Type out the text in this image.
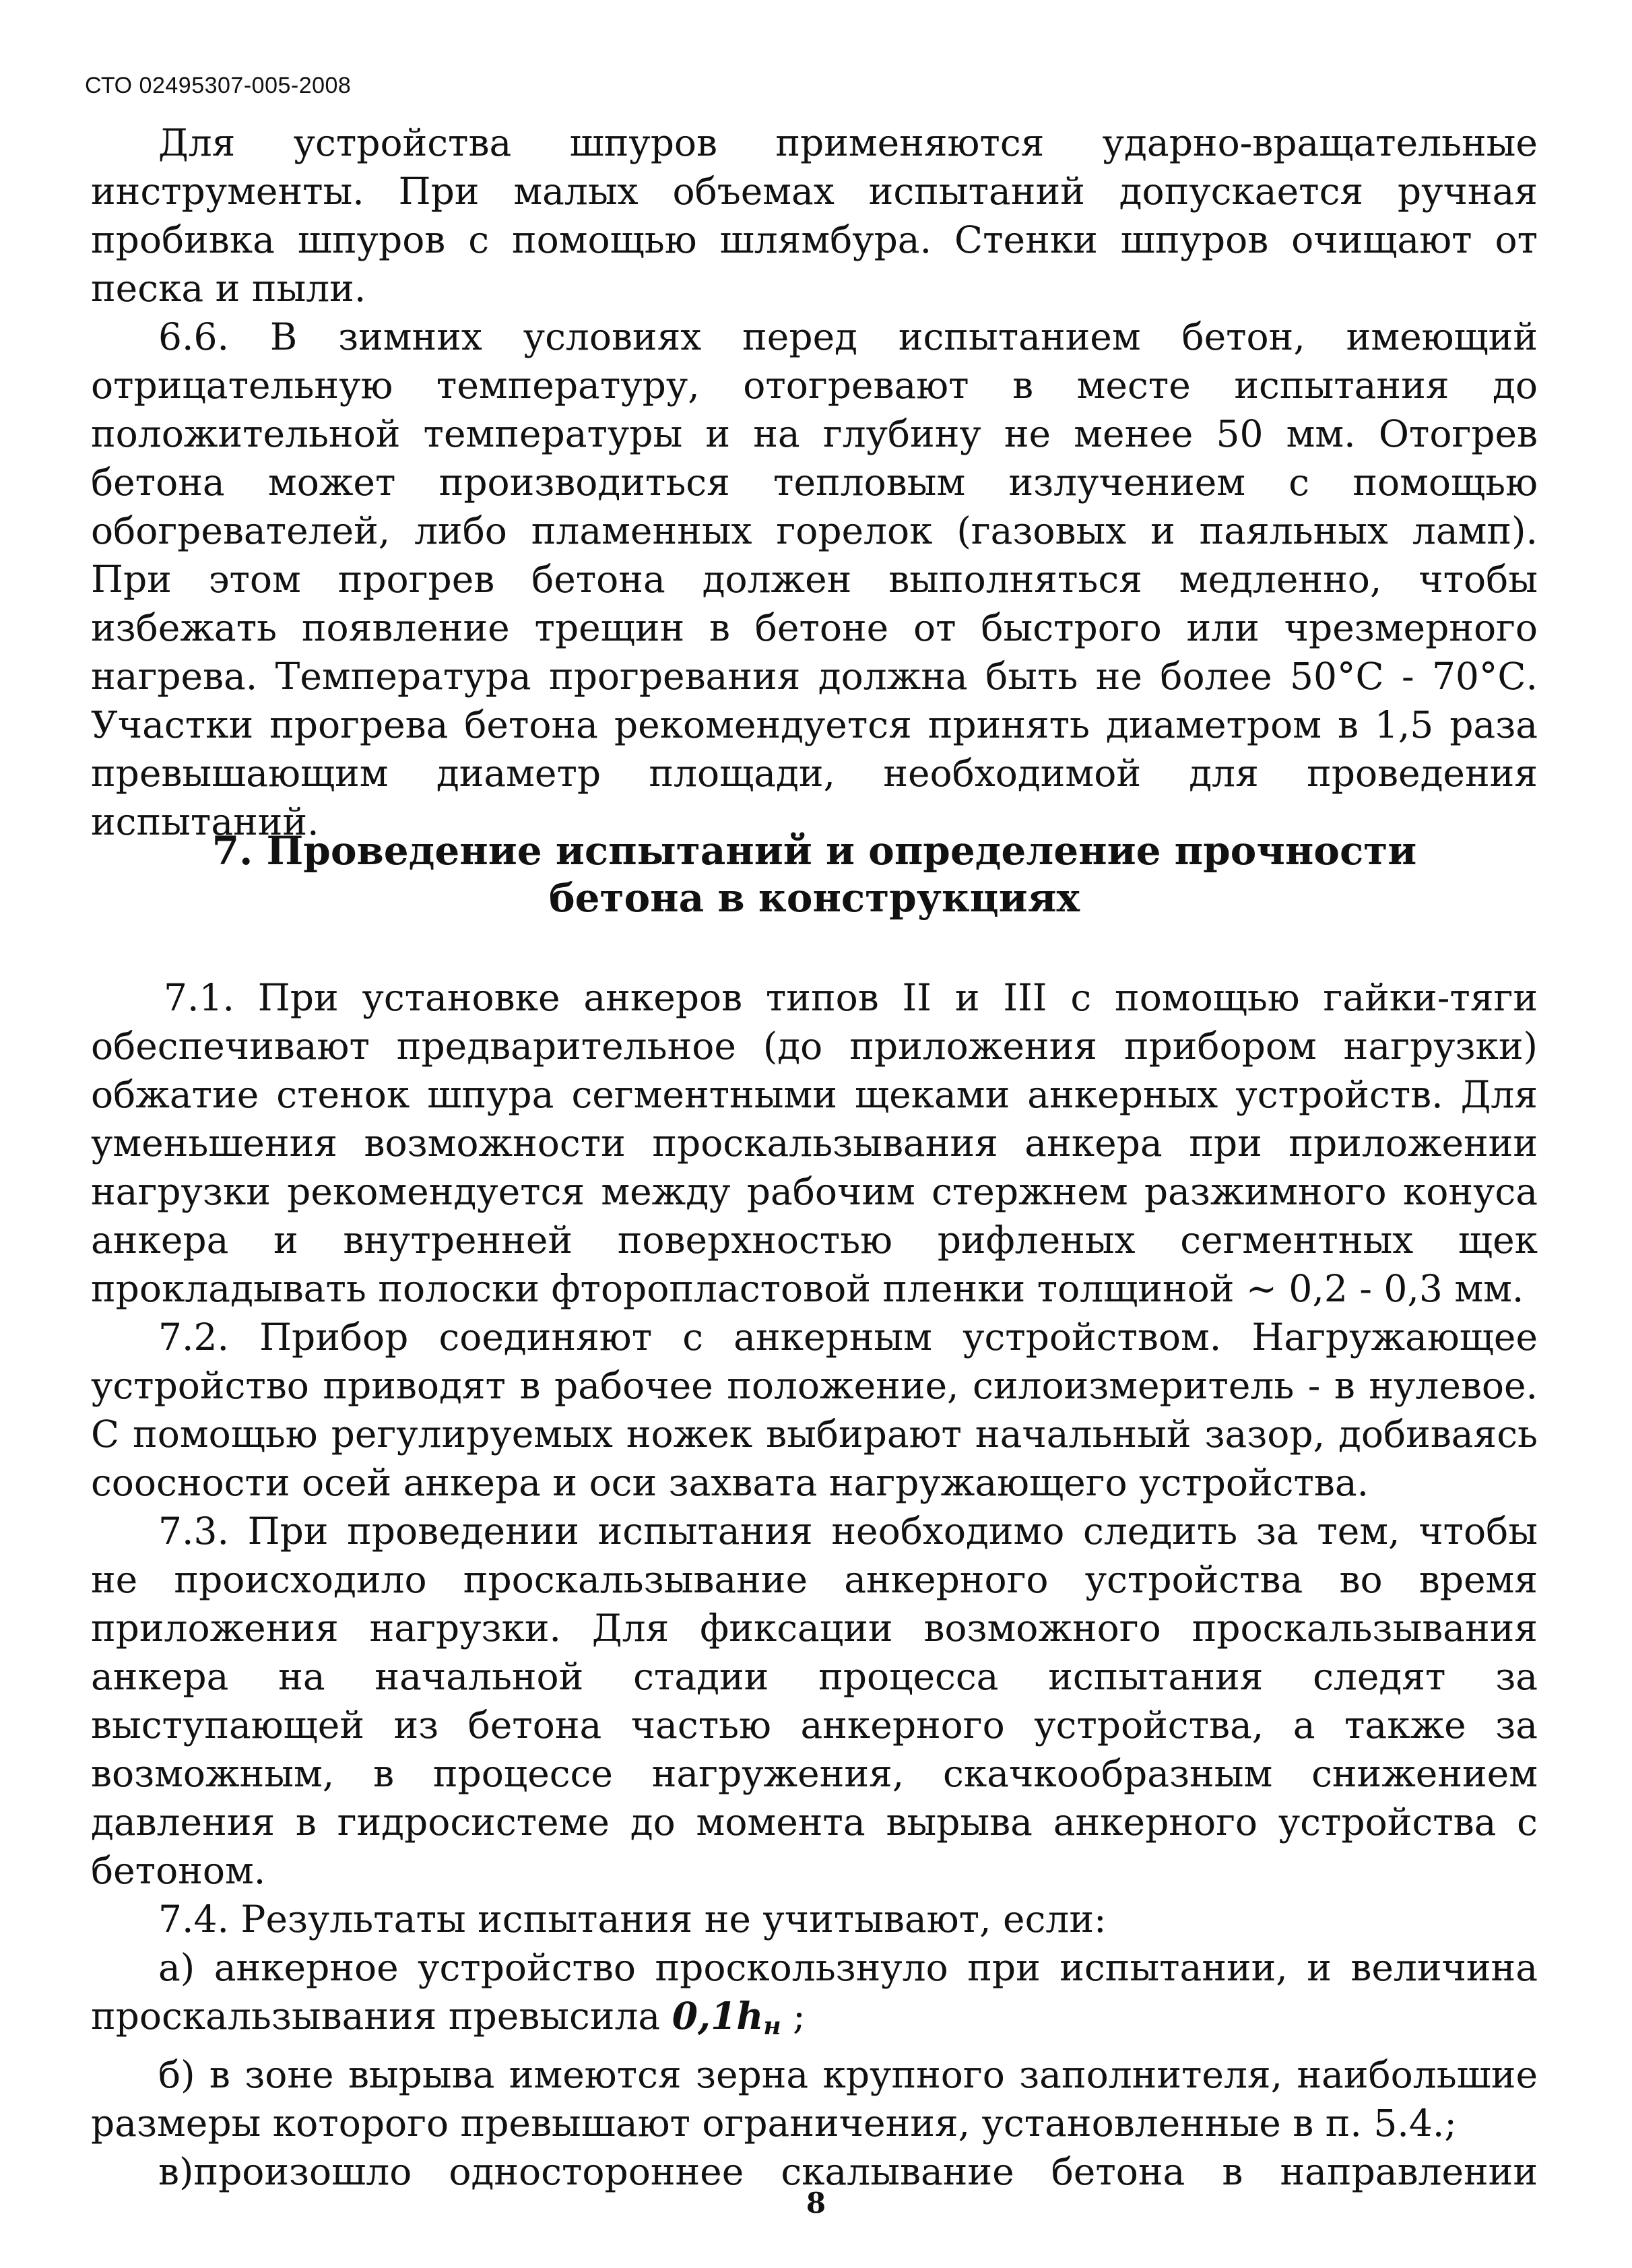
СТО 02495307-005-2008

Для устройства шпуров применяются ударно-вращательные инструменты. При малых объемах испытаний допускается ручная пробивка шпуров с помощью шлямбура. Стенки шпуров очищают от песка и пыли.

6.6. В зимних условиях перед испытанием бетон, имеющий отрицательную температуру, отогревают в месте испытания до положительной температуры и на глубину не менее 50 мм. Отогрев бетона может производиться тепловым излучением с помощью обогревателей, либо пламенных горелок (газовых и паяльных ламп). При этом прогрев бетона должен выполняться медленно, чтобы избежать появление трещин в бетоне от быстрого или чрезмерного нагрева. Температура прогревания должна быть не более 50°С - 70°С. Участки прогрева бетона рекомендуется принять диаметром в 1,5 раза превышающим диаметр площади, необходимой для проведения испытаний.

7. Проведение испытаний и определение прочности
бетона в конструкциях

7.1. При установке анкеров типов II и III с помощью гайки-тяги обеспечивают предварительное (до приложения прибором нагрузки) обжатие стенок шпура сегментными щеками анкерных устройств. Для уменьшения возможности проскальзывания анкера при приложении нагрузки рекомендуется между рабочим стержнем разжимного конуса анкера и внутренней поверхностью рифленых сегментных щек прокладывать полоски фторопластовой пленки толщиной ~ 0,2 - 0,3 мм.

7.2. Прибор соединяют с анкерным устройством. Нагружающее устройство приводят в рабочее положение, силоизмеритель - в нулевое. С помощью регулируемых ножек выбирают начальный зазор, добиваясь соосности осей анкера и оси захвата нагружающего устройства.

7.3. При проведении испытания необходимо следить за тем, чтобы не происходило проскальзывание анкерного устройства во время приложения нагрузки. Для фиксации возможного проскальзывания анкера на начальной стадии процесса испытания следят за выступающей из бетона частью анкерного устройства, а также за возможным, в процессе нагружения, скачкообразным снижением давления в гидросистеме до момента вырыва анкерного устройства с бетоном.

7.4. Результаты испытания не учитывают, если:

а) анкерное устройство проскользнуло при испытании, и величина проскальзывания превысила $0,1h_н$ ;

б) в зоне вырыва имеются зерна крупного заполнителя, наибольшие размеры которого превышают ограничения, установленные в п. 5.4.;

в)произошло одностороннее скалывание бетона в направлении

8
